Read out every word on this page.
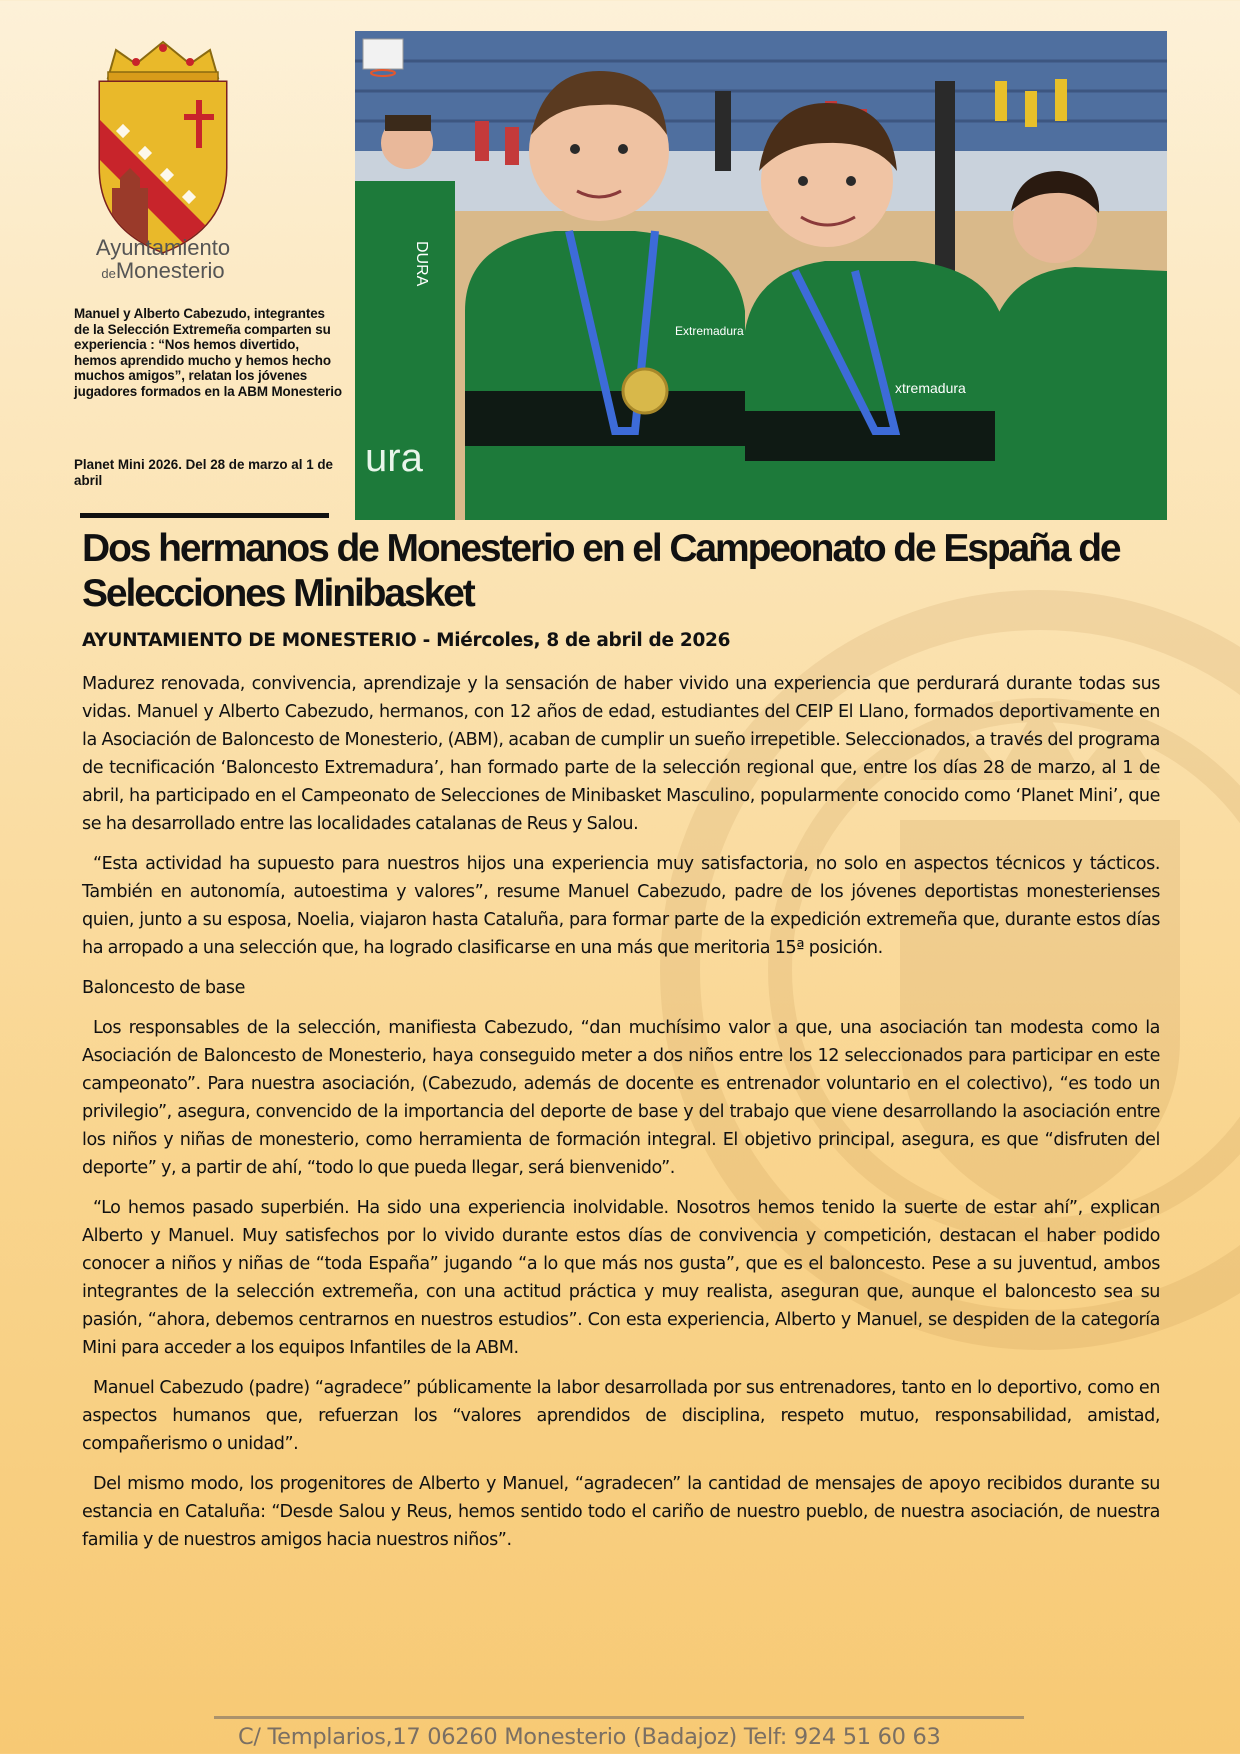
Ayuntamiento
deMonesterio
Manuel y Alberto Cabezudo, integrantes de la Selección Extremeña comparten su experiencia : “Nos hemos divertido, hemos aprendido mucho y hemos hecho muchos amigos”, relatan los jóvenes jugadores formados en la ABM Monesterio
Planet Mini 2026. Del 28 de marzo al 1 de abril	ura
DURA
Extremadura
xtremadura
Dos hermanos de Monesterio en el Campeonato de España de Selecciones Minibasket
AYUNTAMIENTO DE MONESTERIO - Miércoles, 8 de abril de 2026

Madurez renovada, convivencia, aprendizaje y la sensación de haber vivido una experiencia que perdurará durante todas sus vidas. Manuel y Alberto Cabezudo, hermanos, con 12 años de edad, estudiantes del CEIP El Llano, formados deportivamente en la Asociación de Baloncesto de Monesterio, (ABM), acaban de cumplir un sueño irrepetible. Seleccionados, a través del programa de tecnificación ‘Baloncesto Extremadura’, han formado parte de la selección regional que, entre los días 28 de marzo, al 1 de abril, ha participado en el Campeonato de Selecciones de Minibasket Masculino, popularmente conocido como ‘Planet Mini’, que se ha desarrollado entre las localidades catalanas de Reus y Salou.

“Esta actividad ha supuesto para nuestros hijos una experiencia muy satisfactoria, no solo en aspectos técnicos y tácticos. También en autonomía, autoestima y valores”, resume Manuel Cabezudo, padre de los jóvenes deportistas monesterienses quien, junto a su esposa, Noelia, viajaron hasta Cataluña, para formar parte de la expedición extremeña que, durante estos días ha arropado a una selección que, ha logrado clasificarse en una más que meritoria 15ª posición.

Baloncesto de base

Los responsables de la selección, manifiesta Cabezudo, “dan muchísimo valor a que, una asociación tan modesta como la Asociación de Baloncesto de Monesterio, haya conseguido meter a dos niños entre los 12 seleccionados para participar en este campeonato”. Para nuestra asociación, (Cabezudo, además de docente es entrenador voluntario en el colectivo), “es todo un privilegio”, asegura, convencido de la importancia del deporte de base y del trabajo que viene desarrollando la asociación entre los niños y niñas de monesterio, como herramienta de formación integral. El objetivo principal, asegura, es que “disfruten del deporte” y, a partir de ahí, “todo lo que pueda llegar, será bienvenido”.

“Lo hemos pasado superbién. Ha sido una experiencia inolvidable. Nosotros hemos tenido la suerte de estar ahí”, explican Alberto y Manuel. Muy satisfechos por lo vivido durante estos días de convivencia y competición, destacan el haber podido conocer a niños y niñas de “toda España” jugando “a lo que más nos gusta”, que es el baloncesto. Pese a su juventud, ambos integrantes de la selección extremeña, con una actitud práctica y muy realista, aseguran que, aunque el baloncesto sea su pasión, “ahora, debemos centrarnos en nuestros estudios”. Con esta experiencia, Alberto y Manuel, se despiden de la categoría Mini para acceder a los equipos Infantiles de la ABM.

Manuel Cabezudo (padre) “agradece” públicamente la labor desarrollada por sus entrenadores, tanto en lo deportivo, como en aspectos humanos que, refuerzan los “valores aprendidos de disciplina, respeto mutuo, responsabilidad, amistad, compañerismo o unidad”.

Del mismo modo, los progenitores de Alberto y Manuel, “agradecen” la cantidad de mensajes de apoyo recibidos durante su estancia en Cataluña: “Desde Salou y Reus, hemos sentido todo el cariño de nuestro pueblo, de nuestra asociación, de nuestra familia y de nuestros amigos hacia nuestros niños”.

C/ Templarios,17 06260 Monesterio (Badajoz) Telf: 924 51 60 63
